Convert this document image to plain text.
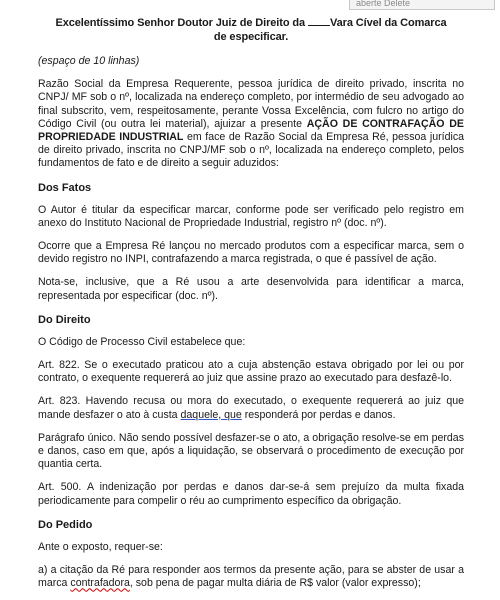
aberte Delete
Excelentíssimo Senhor Doutor Juiz de Direito da Vara Cível da Comarca
de especificar.

(espaço de 10 linhas)

Razão Social da Empresa Requerente, pessoa jurídica de direito privado, inscrita no CNPJ/ MF sob o nº, localizada na endereço completo, por intermédio de seu advogado ao final subscrito, vem, respeitosamente, perante Vossa Excelência, com fulcro no artigo do Código Civil (ou outra lei material), ajuizar a presente AÇÃO DE CONTRAFAÇÃO DE PROPRIEDADE INDUSTRIAL em face de Razão Social da Empresa Ré, pessoa jurídica de direito privado, inscrita no CNPJ/MF sob o nº, localizada na endereço completo, pelos fundamentos de fato e de direito a seguir aduzidos:

Dos Fatos

O Autor é titular da especificar marcar, conforme pode ser verificado pelo registro em anexo do Instituto Nacional de Propriedade Industrial, registro nº (doc. nº).

Ocorre que a Empresa Ré lançou no mercado produtos com a especificar marca, sem o devido registro no INPI, contrafazendo a marca registrada, o que é passível de ação.

Nota-se, inclusive, que a Ré usou a arte desenvolvida para identificar a marca, representada por especificar (doc. nº).

Do Direito

O Código de Processo Civil estabelece que:

Art. 822. Se o executado praticou ato a cuja abstenção estava obrigado por lei ou por contrato, o exequente requererá ao juiz que assine prazo ao executado para desfazê-lo.

Art. 823. Havendo recusa ou mora do executado, o exequente requererá ao juiz que mande desfazer o ato à custa daquele, que responderá por perdas e danos.

Parágrafo único. Não sendo possível desfazer-se o ato, a obrigação resolve-se em perdas e danos, caso em que, após a liquidação, se observará o procedimento de execução por quantia certa.

Art. 500. A indenização por perdas e danos dar-se-á sem prejuízo da multa fixada periodicamente para compelir o réu ao cumprimento específico da obrigação.

Do Pedido

Ante o exposto, requer-se:

a) a citação da Ré para responder aos termos da presente ação, para se abster de usar a marca contrafadora, sob pena de pagar multa diária de R$ valor (valor expresso);
